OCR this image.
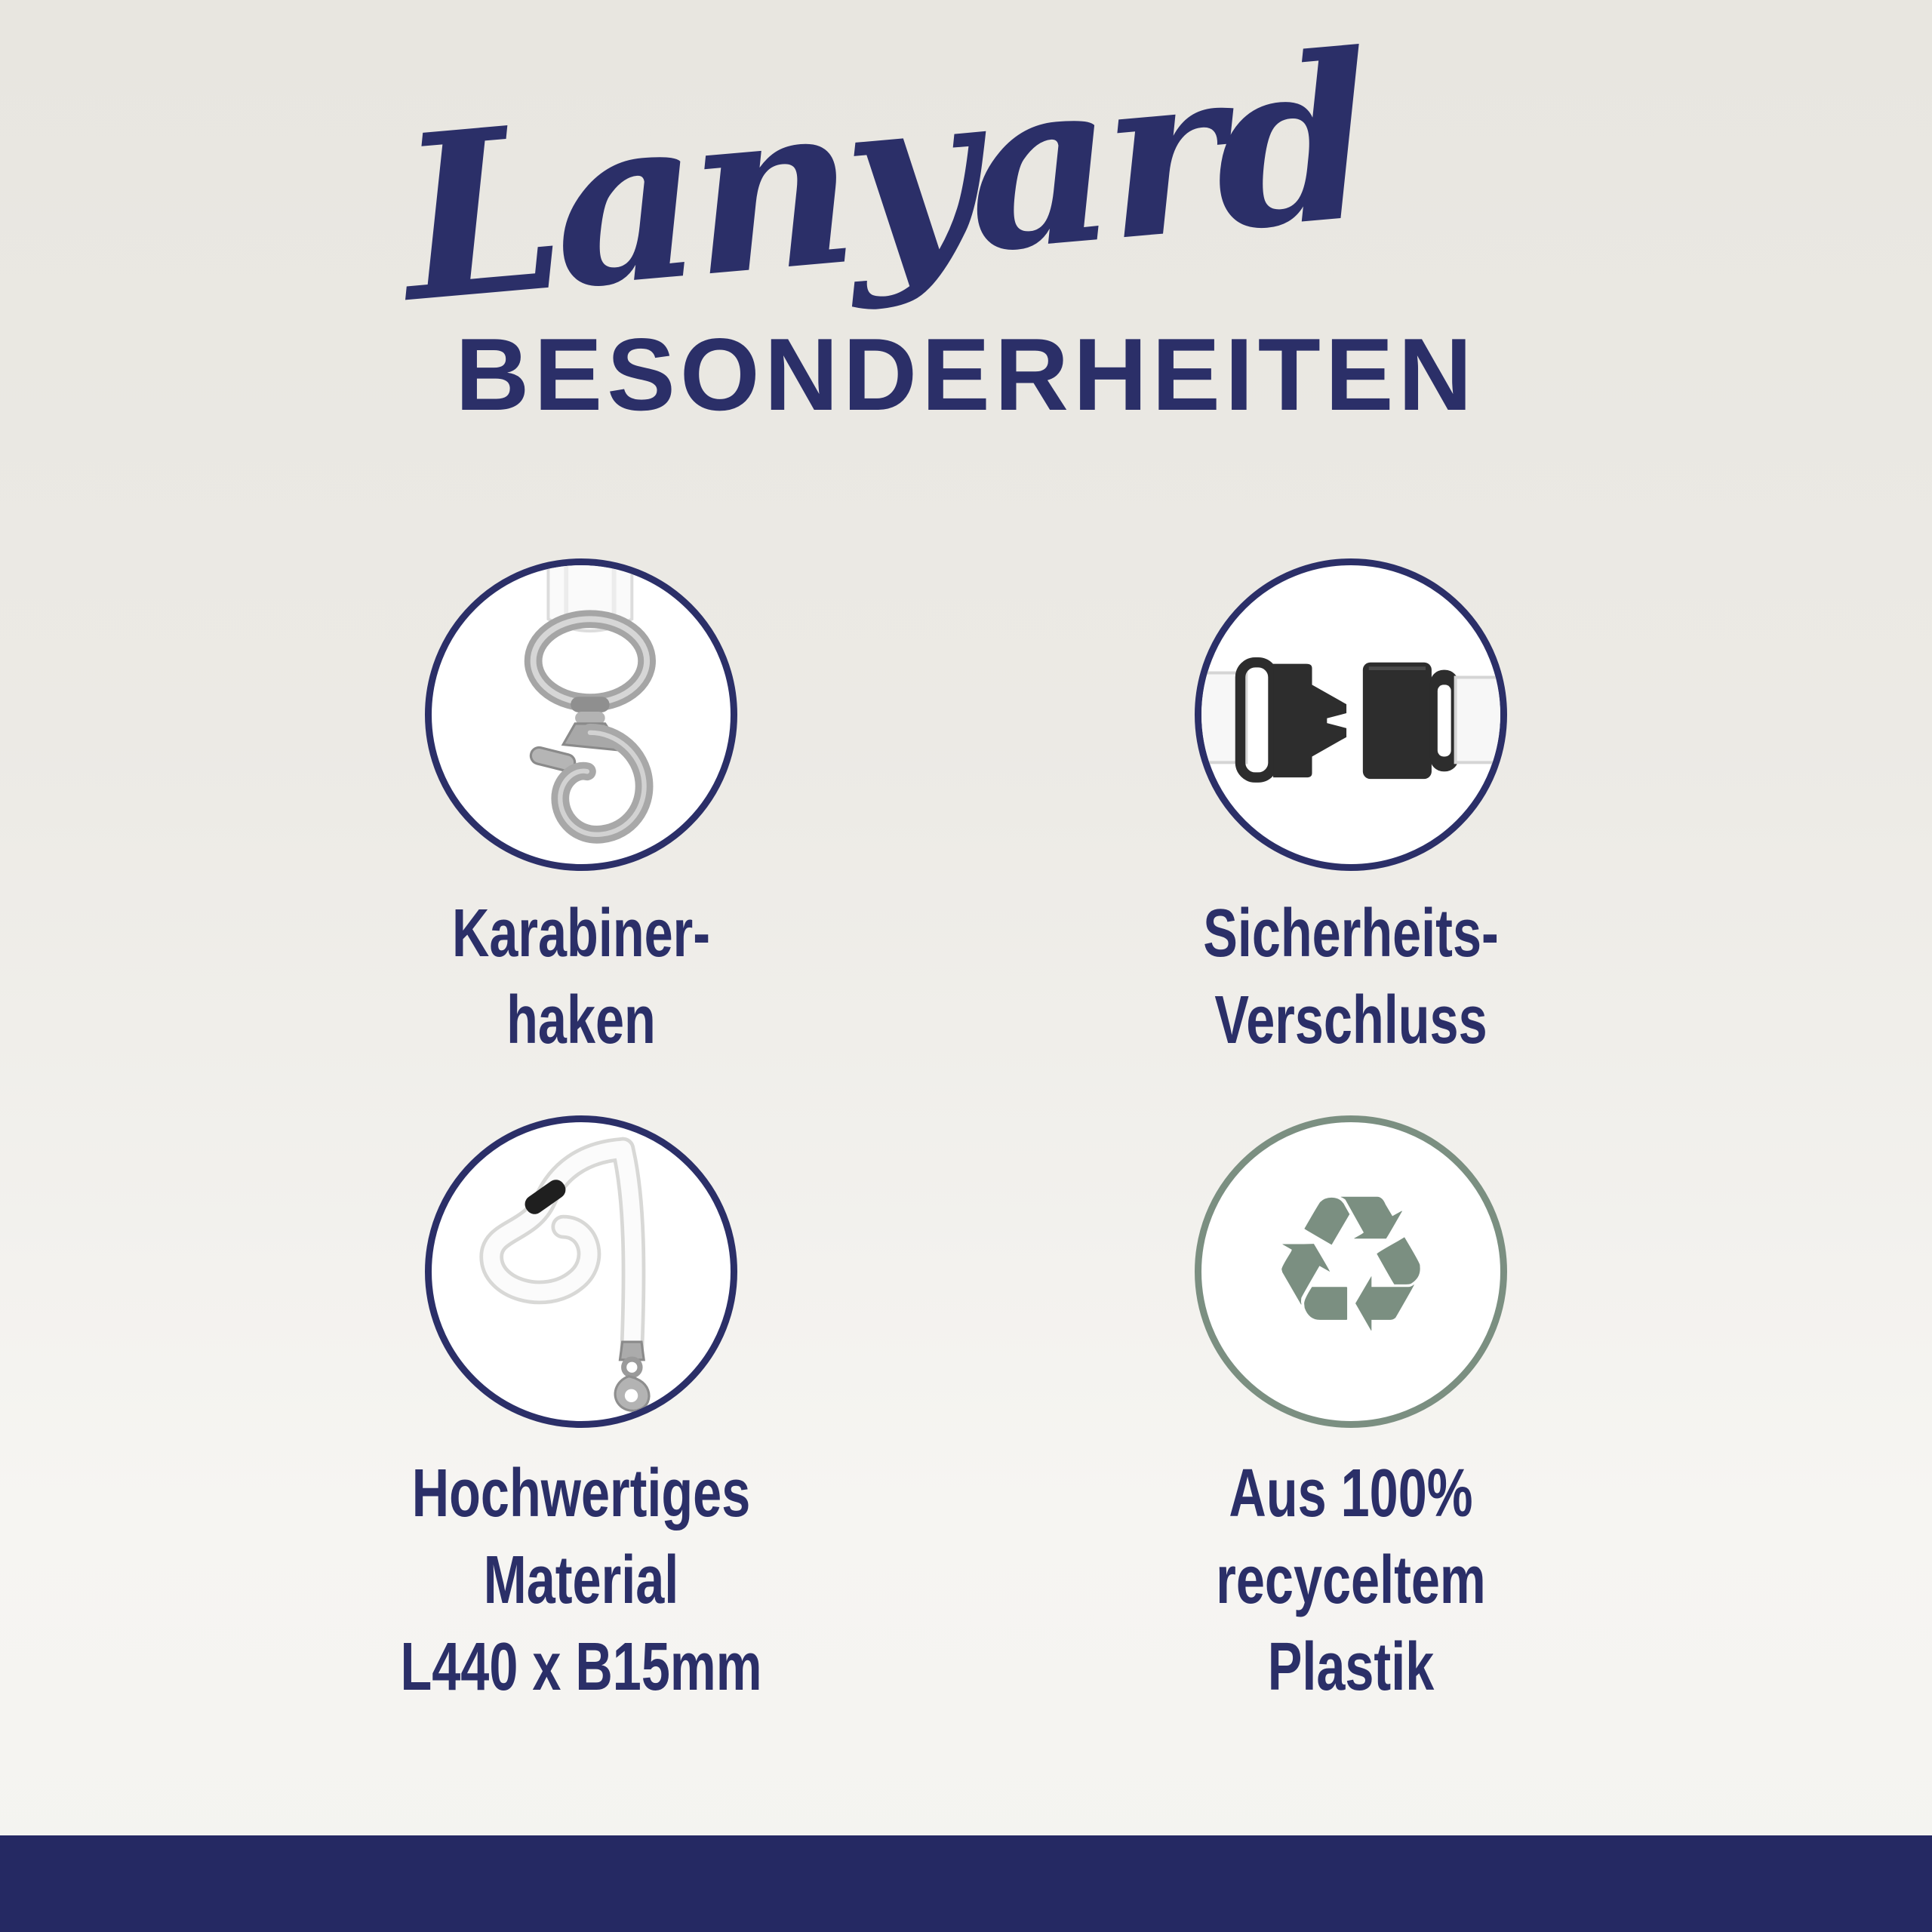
Lanyard
BESONDERHEITEN
♻
Karabiner-
haken
Sicherheits-
Verschluss
Hochwertiges
Material
L440 x B15mm
Aus 100%
recyceltem
Plastik
